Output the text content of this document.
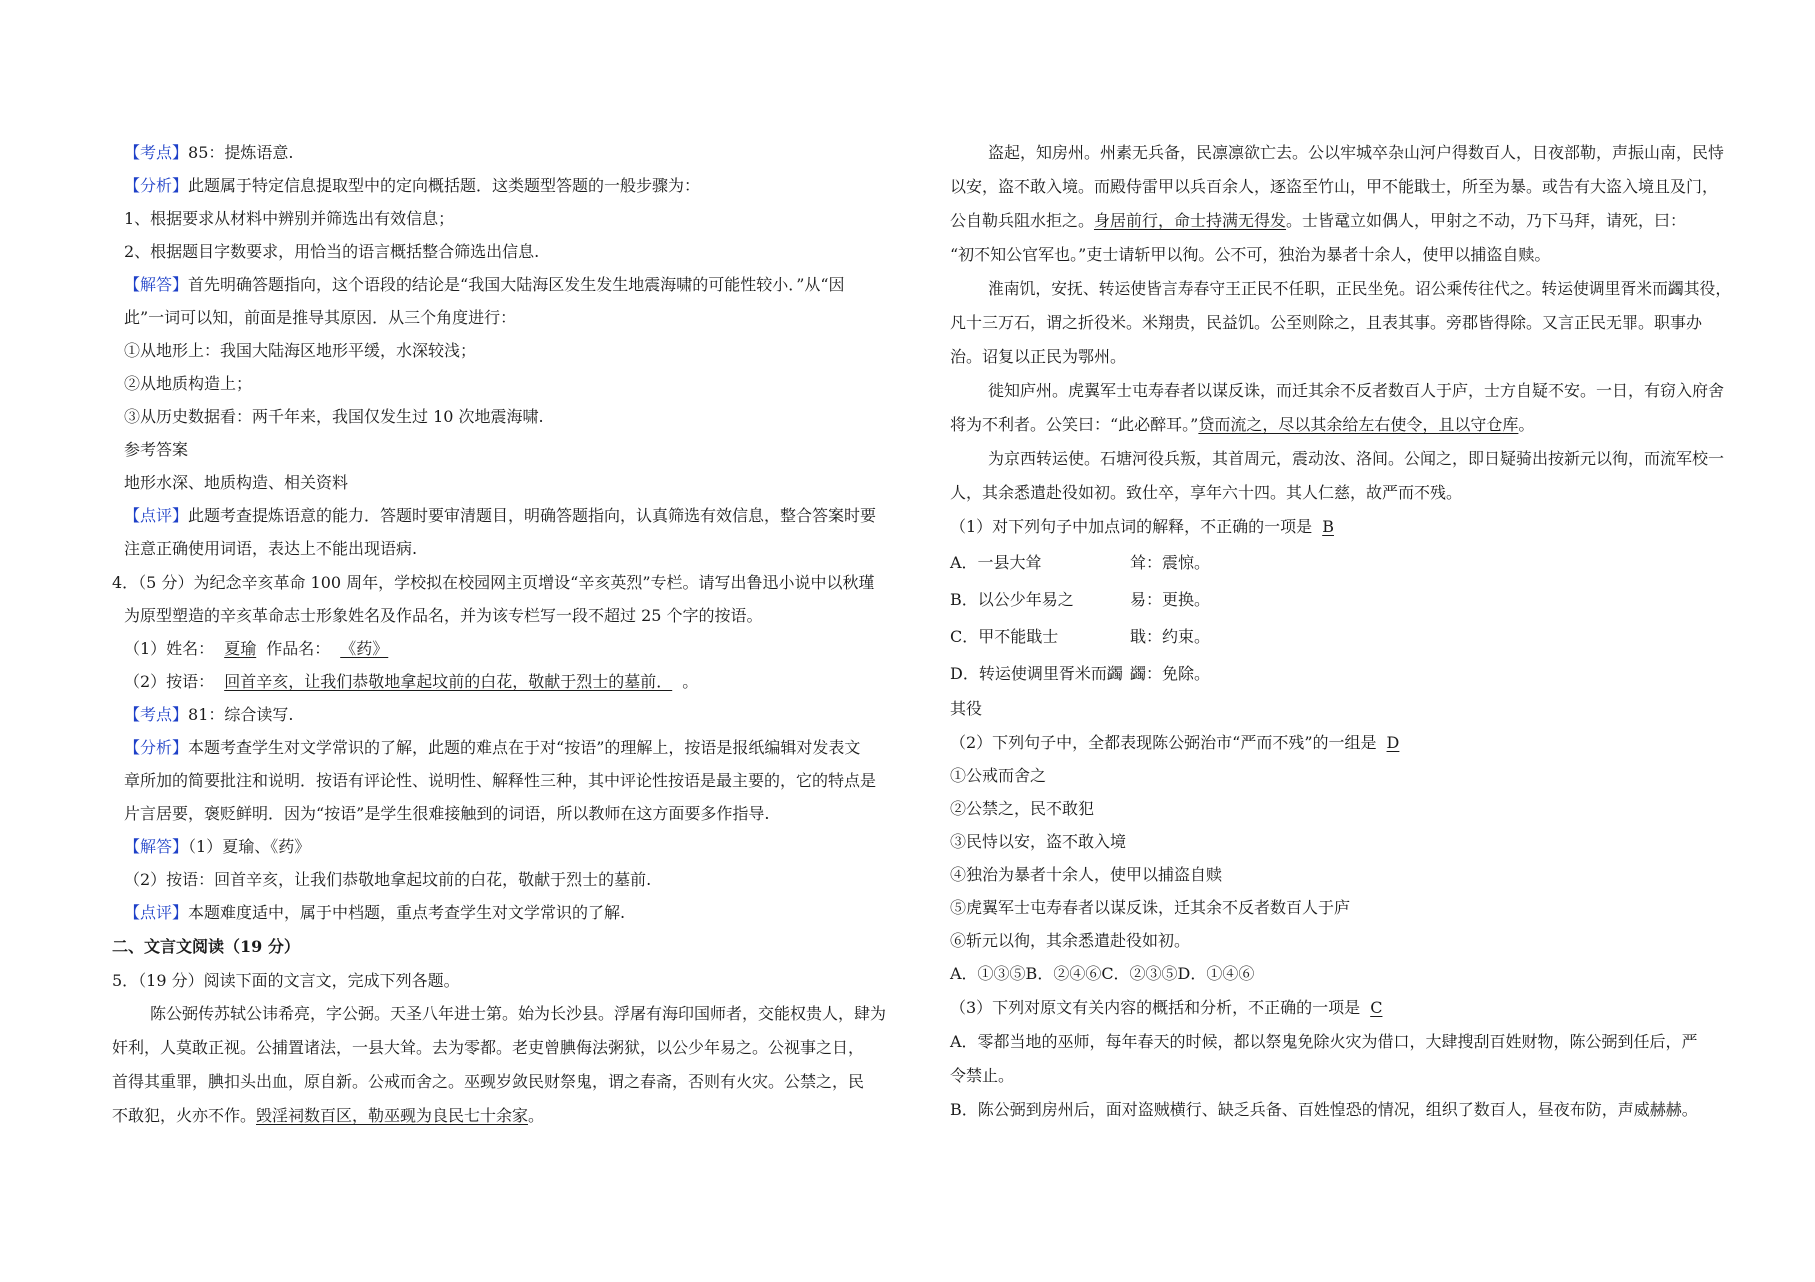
【考点】85：提炼语意.
【分析】此题属于特定信息提取型中的定向概括题．这类题型答题的一般步骤为：
1、根据要求从材料中辨别并筛选出有效信息；
2、根据题目字数要求，用恰当的语言概括整合筛选出信息.
【解答】首先明确答题指向，这个语段的结论是“我国大陆海区发生发生地震海啸的可能性较小．”从“因
此”一词可以知，前面是推导其原因．从三个角度进行：
①从地形上：我国大陆海区地形平缓，水深较浅；
②从地质构造上；
③从历史数据看：两千年来，我国仅发生过 10 次地震海啸.
参考答案
地形水深、地质构造、相关资料
【点评】此题考查提炼语意的能力．答题时要审清题目，明确答题指向，认真筛选有效信息，整合答案时要
注意正确使用词语，表达上不能出现语病.
4．（5 分）为纪念辛亥革命 100 周年，学校拟在校园网主页增设“辛亥英烈”专栏。请写出鲁迅小说中以秋瑾
为原型塑造的辛亥革命志士形象姓名及作品名，并为该专栏写一段不超过 25 个字的按语。
（1）姓名： 夏瑜 作品名： 《药》
（2）按语： 回首辛亥，让我们恭敬地拿起坟前的白花，敬献于烈士的墓前． 。
【考点】81：综合读写.
【分析】本题考查学生对文学常识的了解，此题的难点在于对“按语”的理解上，按语是报纸编辑对发表文
章所加的简要批注和说明．按语有评论性、说明性、解释性三种，其中评论性按语是最主要的，它的特点是
片言居要，褒贬鲜明．因为“按语”是学生很难接触到的词语，所以教师在这方面要多作指导.
【解答】（1）夏瑜、《药》
（2）按语：回首辛亥，让我们恭敬地拿起坟前的白花，敬献于烈士的墓前.
【点评】本题难度适中，属于中档题，重点考查学生对文学常识的了解.
二、文言文阅读（19 分）
5．（19 分）阅读下面的文言文，完成下列各题。
陈公弼传苏轼公讳希亮，字公弼。天圣八年进士第。始为长沙县。浮屠有海印国师者，交能权贵人，肆为
奸利，人莫敢正视。公捕置诸法，一县大耸。去为零都。老吏曾腆侮法粥狱，以公少年易之。公视事之日，
首得其重罪，腆扣头出血，原自新。公戒而舍之。巫觋岁敛民财祭鬼，谓之春斋，否则有火灾。公禁之，民
不敢犯，火亦不作。毁淫祠数百区，勒巫觋为良民七十余家。
盗起，知房州。州素无兵备，民凛凛欲亡去。公以牢城卒杂山河户得数百人，日夜部勒，声振山南，民恃
以安，盗不敢入境。而殿侍雷甲以兵百余人，逐盗至竹山，甲不能戢士，所至为暴。或告有大盗入境且及门，
公自勒兵阻水拒之。身居前行，命士持满无得发。士皆鼋立如偶人，甲射之不动，乃下马拜，请死，曰：
“初不知公官军也。”吏士请斩甲以徇。公不可，独治为暴者十余人，使甲以捕盗自赎。
淮南饥，安抚、转运使皆言寿春守王正民不任职，正民坐免。诏公乘传往代之。转运使调里胥米而蠲其役，
凡十三万石，谓之折役米。米翔贵，民益饥。公至则除之，且表其事。旁郡皆得除。又言正民无罪。职事办
治。诏复以正民为鄂州。
徙知庐州。虎翼军士屯寿春者以谋反诛，而迁其余不反者数百人于庐，士方自疑不安。一日，有窃入府舍
将为不利者。公笑曰：“此必醉耳。”贷而流之，尽以其余给左右使令，且以守仓库。
为京西转运使。石塘河役兵叛，其首周元，震动汝、洛间。公闻之，即日疑骑出按新元以徇，而流军校一
人，其余悉遣赴役如初。致仕卒，享年六十四。其人仁慈，故严而不残。
（1）对下列句子中加点词的解释，不正确的一项是 B
A．一县大耸	耸：震惊。
B．以公少年易之	易：更换。
C．甲不能戢士	戢：约束。
D．转运使调里胥米而蠲 蠲：免除。
其役
（2）下列句子中，全都表现陈公弼治市“严而不残”的一组是 D
①公戒而舍之
②公禁之，民不敢犯
③民恃以安，盗不敢入境
④独治为暴者十余人，使甲以捕盗自赎
⑤虎翼军士屯寿春者以谋反诛，迁其余不反者数百人于庐
⑥斩元以徇，其余悉遣赴役如初。
A．①③⑤B．②④⑥C．②③⑤D．①④⑥
（3）下列对原文有关内容的概括和分析，不正确的一项是 C
A．零都当地的巫师，每年春天的时候，都以祭鬼免除火灾为借口，大肆搜刮百姓财物，陈公弼到任后，严
令禁止。
B．陈公弼到房州后，面对盗贼横行、缺乏兵备、百姓惶恐的情况，组织了数百人，昼夜布防，声威赫赫。
